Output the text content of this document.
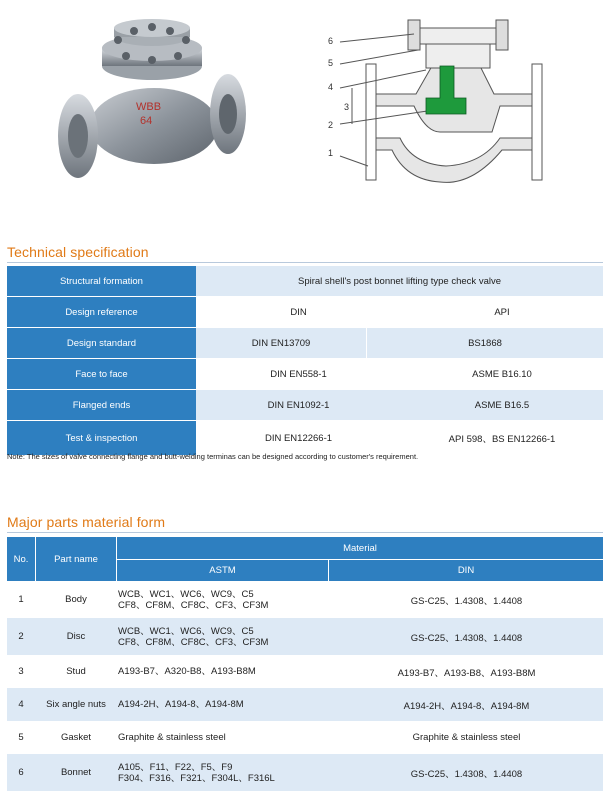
WBB
64
6
5
4
3
2
1
Technical specification
Structural formation	Spiral shell's post bonnet lifting type check valve
Design reference	DIN	API
Design standard	DIN EN13709	BS1868
Face to face	DIN EN558-1	ASME B16.10
Flanged ends	DIN EN1092-1	ASME B16.5
Test & inspection	DIN EN12266-1	API 598、BS EN12266-1
Note: The sizes of valve connecting flange and butt-welding terminas can be designed according to customer's requirement.
Major parts material form
No.	Part name
Material
ASTM	DIN
1	Body	WCB、WC1、WC6、WC9、C5
CF8、CF8M、CF8C、CF3、CF3M	GS-C25、1.4308、1.4408
2	Disc	WCB、WC1、WC6、WC9、C5
CF8、CF8M、CF8C、CF3、CF3M	GS-C25、1.4308、1.4408
3	Stud	A193-B7、A320-B8、A193-B8M	A193-B7、A193-B8、A193-B8M
4	Six angle nuts	A194-2H、A194-8、A194-8M	A194-2H、A194-8、A194-8M
5	Gasket	Graphite & stainless steel	Graphite & stainless steel
6	Bonnet	A105、F11、F22、F5、F9
F304、F316、F321、F304L、F316L	GS-C25、1.4308、1.4408
